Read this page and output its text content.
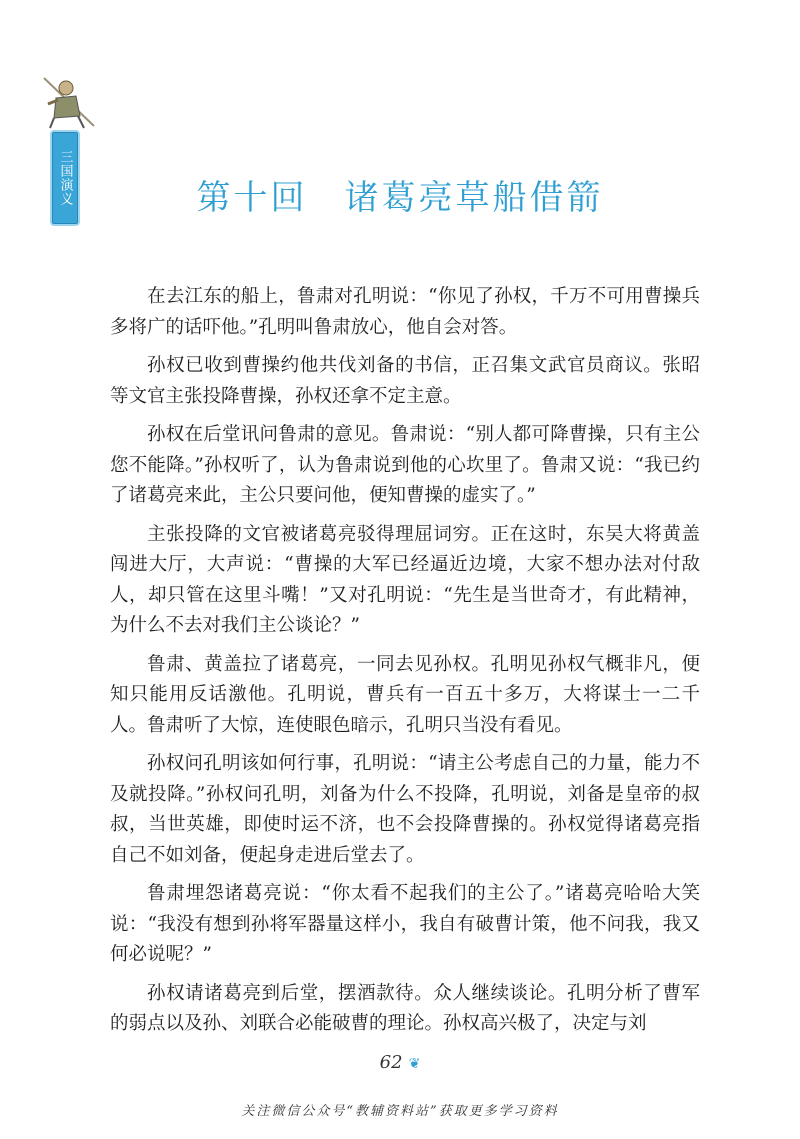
三国演义	第十回　诸葛亮草船借箭

在去江东的船上，鲁肃对孔明说：“你见了孙权，千万不可用曹操兵多将广的话吓他。”孔明叫鲁肃放心，他自会对答。

孙权已收到曹操约他共伐刘备的书信，正召集文武官员商议。张昭等文官主张投降曹操，孙权还拿不定主意。

孙权在后堂讯问鲁肃的意见。鲁肃说：“别人都可降曹操，只有主公您不能降。”孙权听了，认为鲁肃说到他的心坎里了。鲁肃又说：“我已约了诸葛亮来此，主公只要问他，便知曹操的虚实了。”

主张投降的文官被诸葛亮驳得理屈词穷。正在这时，东吴大将黄盖闯进大厅，大声说：“曹操的大军已经逼近边境，大家不想办法对付敌人，却只管在这里斗嘴！”又对孔明说：“先生是当世奇才，有此精神，为什么不去对我们主公谈论？”

鲁肃、黄盖拉了诸葛亮，一同去见孙权。孔明见孙权气概非凡，便知只能用反话激他。孔明说，曹兵有一百五十多万，大将谋士一二千人。鲁肃听了大惊，连使眼色暗示，孔明只当没有看见。

孙权问孔明该如何行事，孔明说：“请主公考虑自己的力量，能力不及就投降。”孙权问孔明，刘备为什么不投降，孔明说，刘备是皇帝的叔叔，当世英雄，即使时运不济，也不会投降曹操的。孙权觉得诸葛亮指自己不如刘备，便起身走进后堂去了。

鲁肃埋怨诸葛亮说：“你太看不起我们的主公了。”诸葛亮哈哈大笑说：“我没有想到孙将军器量这样小，我自有破曹计策，他不问我，我又何必说呢？”

孙权请诸葛亮到后堂，摆酒款待。众人继续谈论。孔明分析了曹军的弱点以及孙、刘联合必能破曹的理论。孙权高兴极了，决定与刘

62 ❦
关注微信公众号“教辅资料站”获取更多学习资料
